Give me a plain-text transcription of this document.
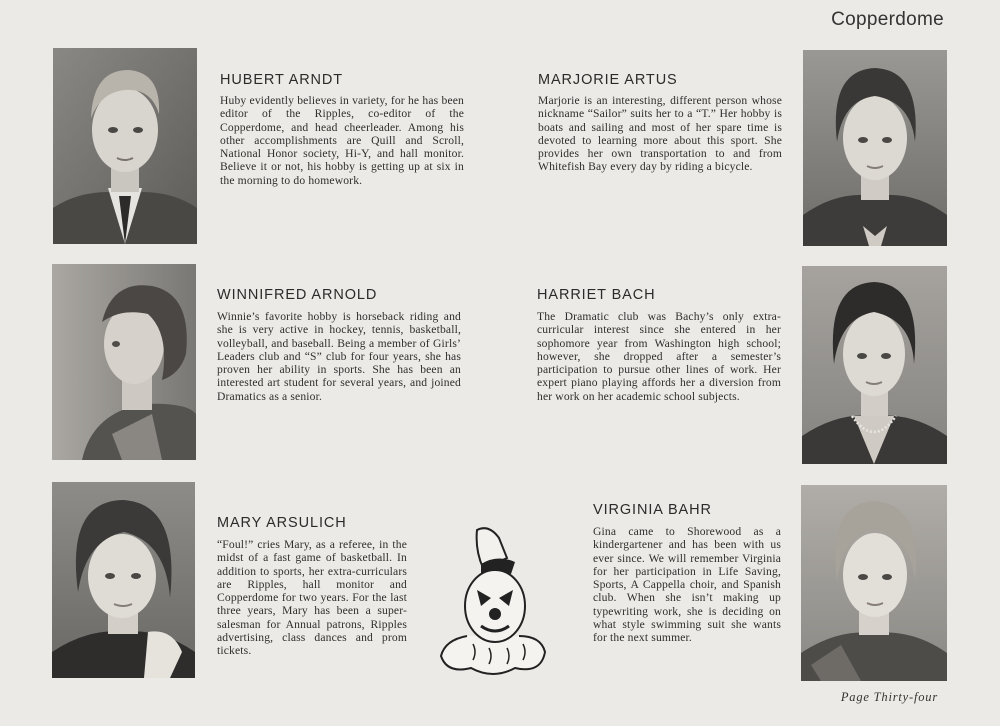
Copperdome
HUBERT ARNDT
Huby evidently believes in variety, for he has been editor of the Ripples, co-editor of the Copperdome, and head cheerleader. Among his other accomplishments are Quill and Scroll, National Honor society, Hi-Y, and hall monitor. Believe it or not, his hobby is getting up at six in the morning to do homework.
MARJORIE ARTUS
Marjorie is an interesting, different person whose nickname “Sailor” suits her to a “T.” Her hobby is boats and sailing and most of her spare time is devoted to learning more about this sport. She provides her own transportation to and from Whitefish Bay every day by riding a bicycle.
WINNIFRED ARNOLD
Winnie’s favorite hobby is horseback riding and she is very active in hockey, tennis, basketball, volleyball, and baseball. Being a member of Girls’ Leaders club and “S” club for four years, she has proven her ability in sports. She has been an interested art student for several years, and joined Dramatics as a senior.
HARRIET BACH
The Dramatic club was Bachy’s only extra-curricular interest since she entered in her sophomore year from Washington high school; however, she dropped after a semester’s participation to pursue other lines of work. Her expert piano playing affords her a diversion from her work on her academic school subjects.
MARY ARSULICH
“Foul!” cries Mary, as a referee, in the midst of a fast game of basketball. In addition to sports, her extra-curriculars are Ripples, hall monitor and Copperdome for two years. For the last three years, Mary has been a super-salesman for Annual patrons, Ripples advertising, class dances and prom tickets.
VIRGINIA BAHR
Gina came to Shorewood as a kindergartener and has been with us ever since. We will remember Virginia for her participation in Life Saving, Sports, A Cappella choir, and Spanish club. When she isn’t making up typewriting work, she is deciding on what style swimming suit she wants for the next summer.
Page Thirty-four
